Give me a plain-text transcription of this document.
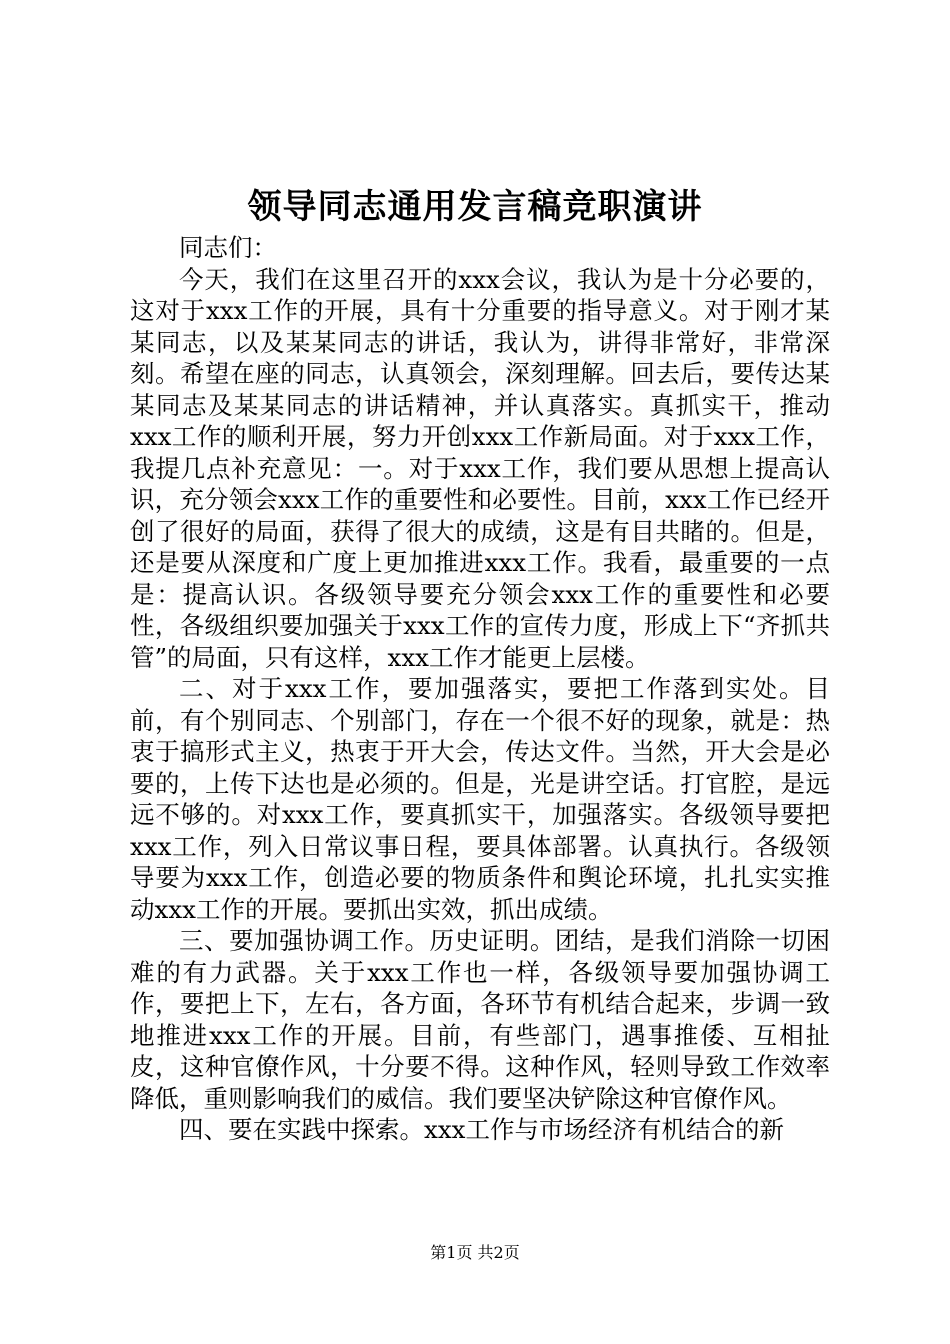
领导同志通用发言稿竞职演讲

同志们：

今天，我们在这里召开的xxx会议，我认为是十分必要的，这对于xxx工作的开展，具有十分重要的指导意义。对于刚才某某同志，以及某某同志的讲话，我认为，讲得非常好，非常深刻。希望在座的同志，认真领会，深刻理解。回去后，要传达某某同志及某某同志的讲话精神，并认真落实。真抓实干，推动xxx工作的顺利开展，努力开创xxx工作新局面。对于xxx工作，我提几点补充意见：一。对于xxx工作，我们要从思想上提高认识，充分领会xxx工作的重要性和必要性。目前，xxx工作已经开创了很好的局面，获得了很大的成绩，这是有目共睹的。但是，还是要从深度和广度上更加推进xxx工作。我看，最重要的一点是：提高认识。各级领导要充分领会xxx工作的重要性和必要性，各级组织要加强关于xxx工作的宣传力度，形成上下“齐抓共管”的局面，只有这样，xxx工作才能更上层楼。

二、对于xxx工作，要加强落实，要把工作落到实处。目前，有个别同志、个别部门，存在一个很不好的现象，就是：热衷于搞形式主义，热衷于开大会，传达文件。当然，开大会是必要的，上传下达也是必须的。但是，光是讲空话。打官腔，是远远不够的。对xxx工作，要真抓实干，加强落实。各级领导要把xxx工作，列入日常议事日程，要具体部署。认真执行。各级领导要为xxx工作，创造必要的物质条件和舆论环境，扎扎实实推动xxx工作的开展。要抓出实效，抓出成绩。

三、要加强协调工作。历史证明。团结，是我们消除一切困难的有力武器。关于xxx工作也一样，各级领导要加强协调工作，要把上下，左右，各方面，各环节有机结合起来，步调一致地推进xxx工作的开展。目前，有些部门，遇事推倭、互相扯皮，这种官僚作风，十分要不得。这种作风，轻则导致工作效率降低，重则影响我们的威信。我们要坚决铲除这种官僚作风。

四、要在实践中探索。xxx工作与市场经济有机结合的新

第1页 共2页
